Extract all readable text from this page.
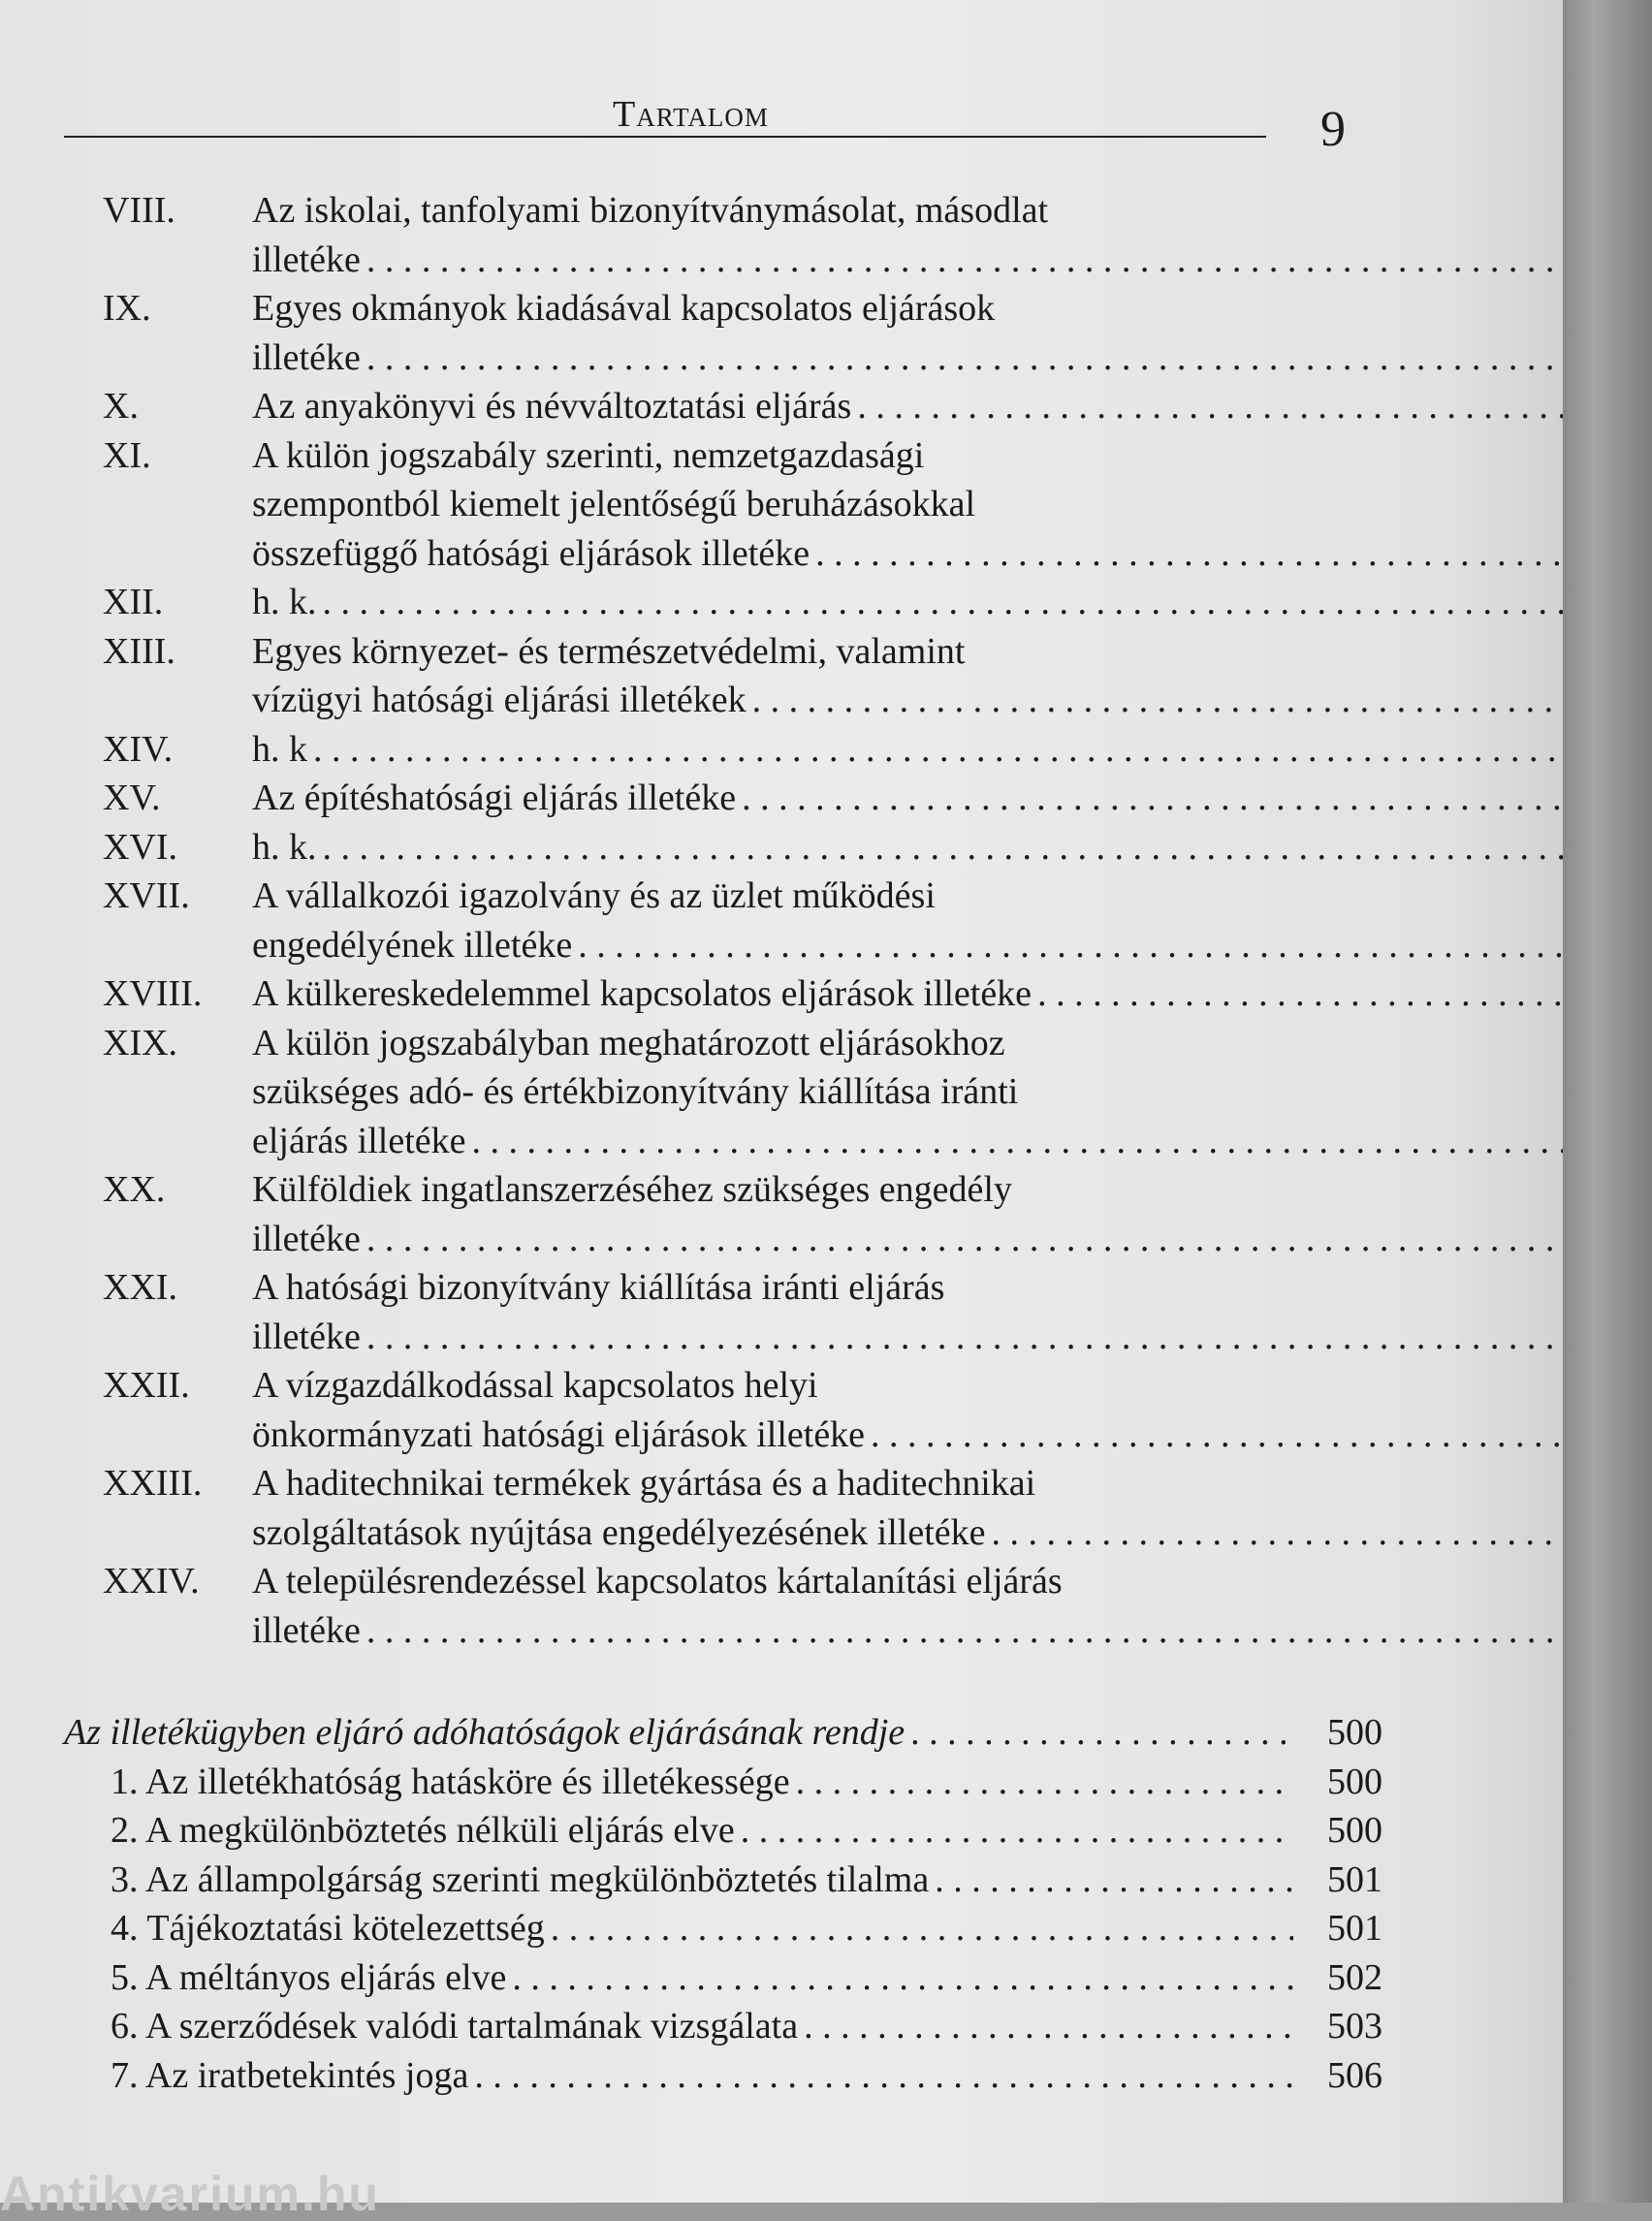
Tartalom	9
VIII.	Az iskolai, tanfolyami bizonyítványmásolat, másodlat
illetéke
. . .
IX.	Egyes okmányok kiadásával kapcsolatos eljárások
illetéke
. . .
X.	Az anyakönyvi és névváltoztatási eljárás
. . .
XI.	A külön jogszabály szerinti, nemzetgazdasági
szempontból kiemelt jelentőségű beruházásokkal
összefüggő hatósági eljárások illetéke
. . .
XII.	h. k.
. . .
XIII.	Egyes környezet- és természetvédelmi, valamint
vízügyi hatósági eljárási illetékek
. . .
XIV.	h. k
. . .
XV.	Az építéshatósági eljárás illetéke
. . .
XVI.	h. k.
. . .
XVII.	A vállalkozói igazolvány és az üzlet működési
engedélyének illetéke
. . .
XVIII.	A külkereskedelemmel kapcsolatos eljárások illetéke
. . .
XIX.	A külön jogszabályban meghatározott eljárásokhoz
szükséges adó- és értékbizonyítvány kiállítása iránti
eljárás illetéke
. . .
XX.	Külföldiek ingatlanszerzéséhez szükséges engedély
illetéke
. . .
XXI.	A hatósági bizonyítvány kiállítása iránti eljárás
illetéke
. . .
XXII.	A vízgazdálkodással kapcsolatos helyi
önkormányzati hatósági eljárások illetéke
. . .
XXIII.	A haditechnikai termékek gyártása és a haditechnikai
szolgáltatások nyújtása engedélyezésének illetéke
. . .
XXIV.	A településrendezéssel kapcsolatos kártalanítási eljárás
illetéke
. . .
Az illetékügyben eljáró adóhatóságok eljárásának rendje . . .	500
1. Az illetékhatóság hatásköre és illetékessége . . .	500
2. A megkülönböztetés nélküli eljárás elve . . .	500
3. Az állampolgárság szerinti megkülönböztetés tilalma . . .	501
4. Tájékoztatási kötelezettség . . .	501
5. A méltányos eljárás elve . . .	502
6. A szerződések valódi tartalmának vizsgálata . . .	503
7. Az iratbetekintés joga . . .	506
Antikvarium.hu
